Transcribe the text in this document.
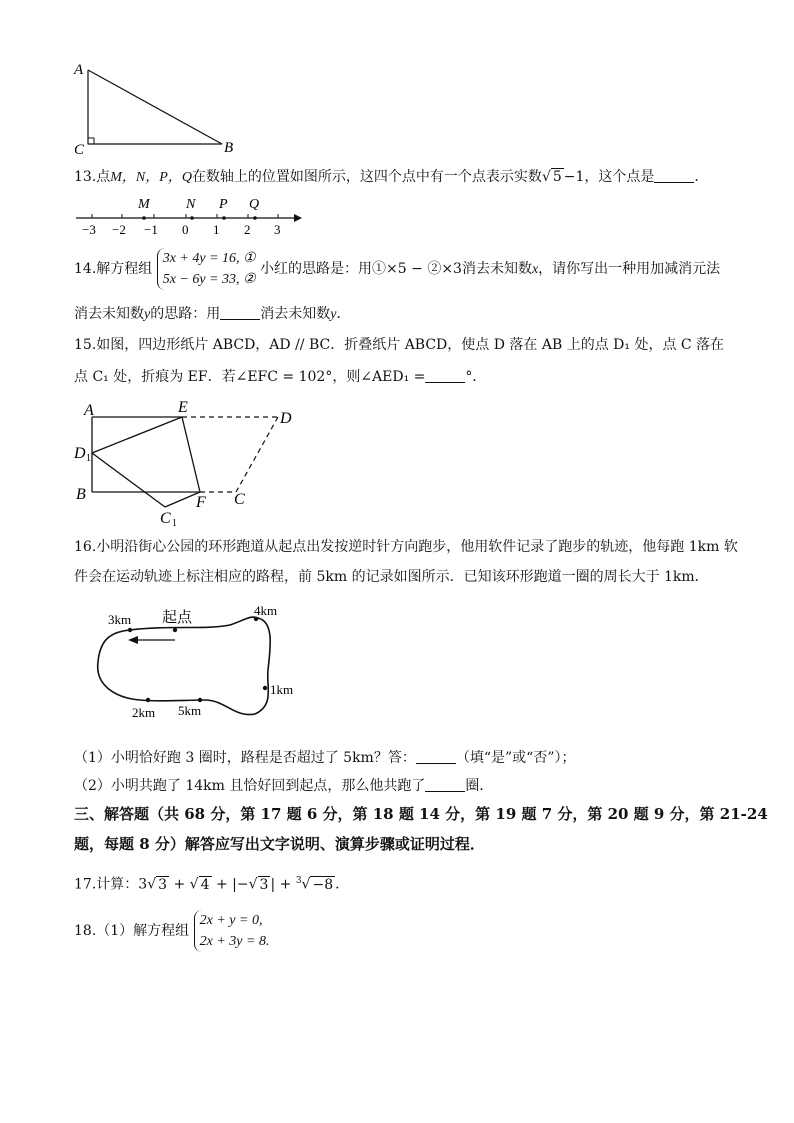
A
C	B
13.点M，N，P，Q在数轴上的位置如图所示，这四个点中有一个点表示实数√ 5 −1，这个点是	．
M	N P Q
−3 −2 −1 0 1 2 3
14.解方程组 3x + 4y = 16, ①
5x − 6y = 33, ② 小红的思路是：用①×5 − ②×3消去未知数x，请你写出一种用加减消元法
消去未知数y的思路：用	消去未知数y．
15.如图，四边形纸片 ABCD，AD // BC．折叠纸片 ABCD，使点 D 落在 AB 上的点 D₁ 处，点 C 落在
点 C₁ 处，折痕为 EF．若∠EFC = 102°，则∠AED₁ =	°．
A	E
D
D 1
B	F C
C 1
16.小明沿街心公园的环形跑道从起点出发按逆时针方向跑步，他用软件记录了跑步的轨迹，他每跑 1km 软
件会在运动轨迹上标注相应的路程，前 5km 的记录如图所示．已知该环形跑道一圈的周长大于 1km．
起点
3km
4km
1km
2km 5km
（1）小明恰好跑 3 圈时，路程是否超过了 5km？答：	（填“是”或“否”）；
（2）小明共跑了 14km 且恰好回到起点，那么他共跑了	圈．
三、解答题（共 68 分，第 17 题 6 分，第 18 题 14 分，第 19 题 7 分，第 20 题 9 分，第 21-24
题，每题 8 分）解答应写出文字说明、演算步骤或证明过程．
17.计算：3√ 3 + √ 4 + |−√ 3 | + $^3$√ −8 ．
18.（1）解方程组 2x + y = 0,
2x + 3y = 8.
